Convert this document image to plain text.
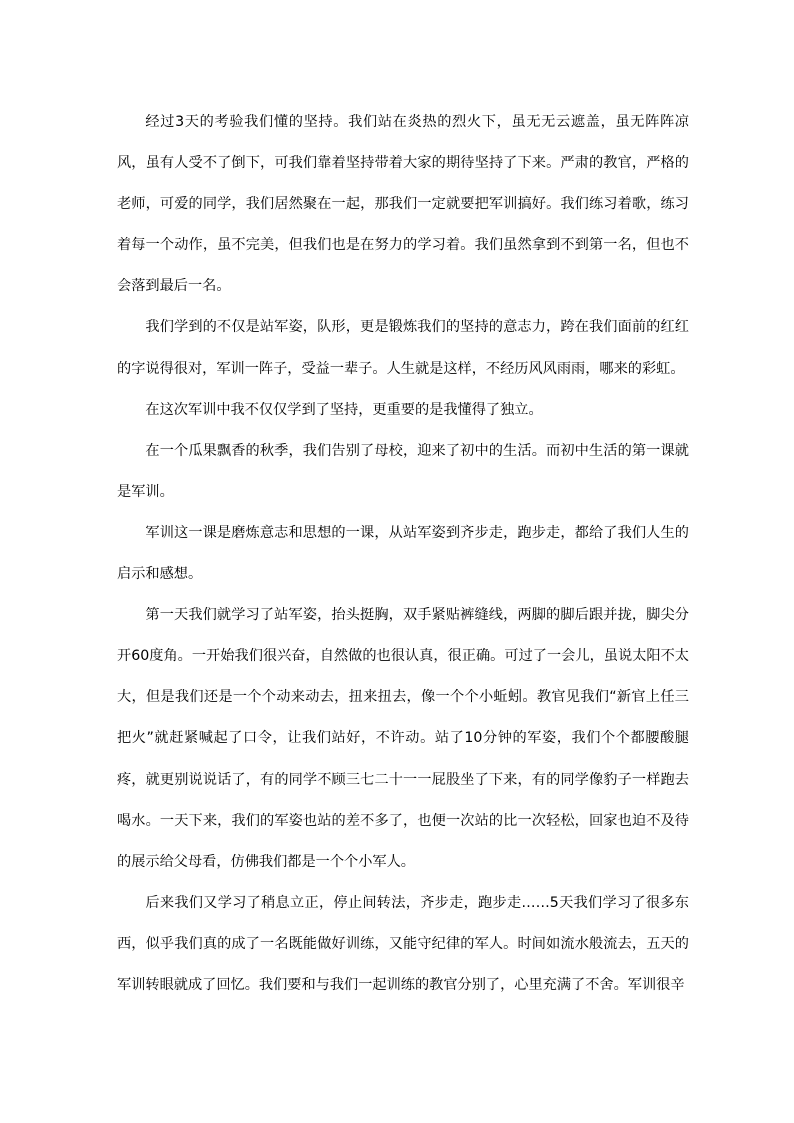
经过3天的考验我们懂的坚持。我们站在炎热的烈火下，虽无无云遮盖，虽无阵阵凉风，虽有人受不了倒下，可我们靠着坚持带着大家的期待坚持了下来。严肃的教官，严格的老师，可爱的同学，我们居然聚在一起，那我们一定就要把军训搞好。我们练习着歌，练习着每一个动作，虽不完美，但我们也是在努力的学习着。我们虽然拿到不到第一名，但也不会落到最后一名。

我们学到的不仅是站军姿，队形，更是锻炼我们的坚持的意志力，跨在我们面前的红红的字说得很对，军训一阵子，受益一辈子。人生就是这样，不经历风风雨雨，哪来的彩虹。

在这次军训中我不仅仅学到了坚持，更重要的是我懂得了独立。

在一个瓜果飘香的秋季，我们告别了母校，迎来了初中的生活。而初中生活的第一课就是军训。

军训这一课是磨炼意志和思想的一课，从站军姿到齐步走，跑步走，都给了我们人生的启示和感想。

第一天我们就学习了站军姿，抬头挺胸，双手紧贴裤缝线，两脚的脚后跟并拢，脚尖分开60度角。一开始我们很兴奋，自然做的也很认真，很正确。可过了一会儿，虽说太阳不太大，但是我们还是一个个动来动去，扭来扭去，像一个个小蚯蚓。教官见我们“新官上任三把火”就赶紧喊起了口令，让我们站好，不许动。站了10分钟的军姿，我们个个都腰酸腿疼，就更别说说话了，有的同学不顾三七二十一一屁股坐了下来，有的同学像豹子一样跑去喝水。一天下来，我们的军姿也站的差不多了，也便一次站的比一次轻松，回家也迫不及待的展示给父母看，仿佛我们都是一个个小军人。

后来我们又学习了稍息立正，停止间转法，齐步走，跑步走……5天我们学习了很多东西，似乎我们真的成了一名既能做好训练，又能守纪律的军人。时间如流水般流去，五天的军训转眼就成了回忆。我们要和与我们一起训练的教官分别了，心里充满了不舍。军训很辛
